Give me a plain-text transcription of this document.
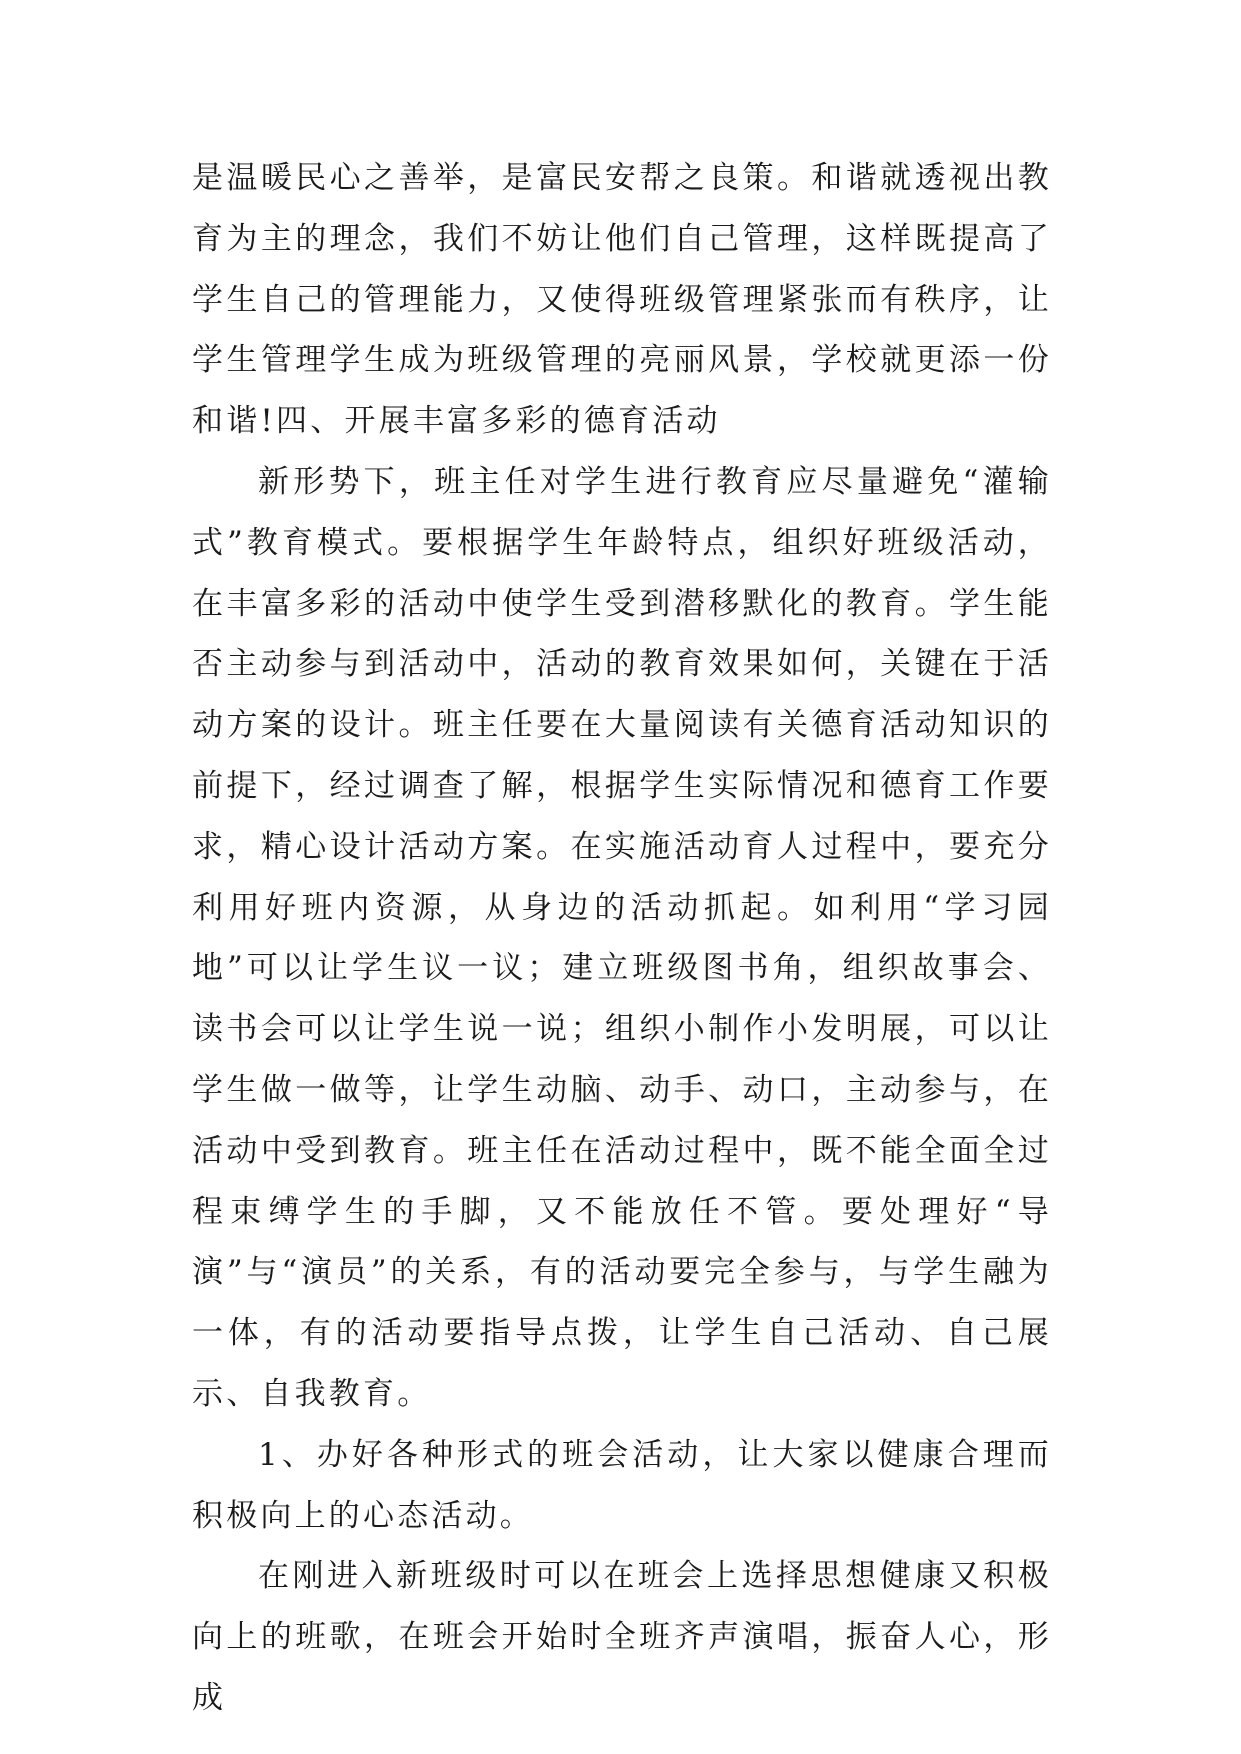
是温暖民心之善举，是富民安帮之良策。和谐就透视出教育为主的理念，我们不妨让他们自己管理，这样既提高了学生自己的管理能力，又使得班级管理紧张而有秩序，让学生管理学生成为班级管理的亮丽风景，学校就更添一份和谐!四、开展丰富多彩的德育活动

新形势下，班主任对学生进行教育应尽量避免“灌输式”教育模式。要根据学生年龄特点，组织好班级活动，在丰富多彩的活动中使学生受到潜移默化的教育。学生能否主动参与到活动中，活动的教育效果如何，关键在于活动方案的设计。班主任要在大量阅读有关德育活动知识的前提下，经过调查了解，根据学生实际情况和德育工作要求，精心设计活动方案。在实施活动育人过程中，要充分利用好班内资源，从身边的活动抓起。如利用“学习园地”可以让学生议一议；建立班级图书角，组织故事会、读书会可以让学生说一说；组织小制作小发明展，可以让学生做一做等，让学生动脑、动手、动口，主动参与，在活动中受到教育。班主任在活动过程中，既不能全面全过程束缚学生的手脚，又不能放任不管。要处理好“导演”与“演员”的关系，有的活动要完全参与，与学生融为一体，有的活动要指导点拨，让学生自己活动、自己展示、自我教育。

1、办好各种形式的班会活动，让大家以健康合理而积极向上的心态活动。

在刚进入新班级时可以在班会上选择思想健康又积极向上的班歌，在班会开始时全班齐声演唱，振奋人心，形成
